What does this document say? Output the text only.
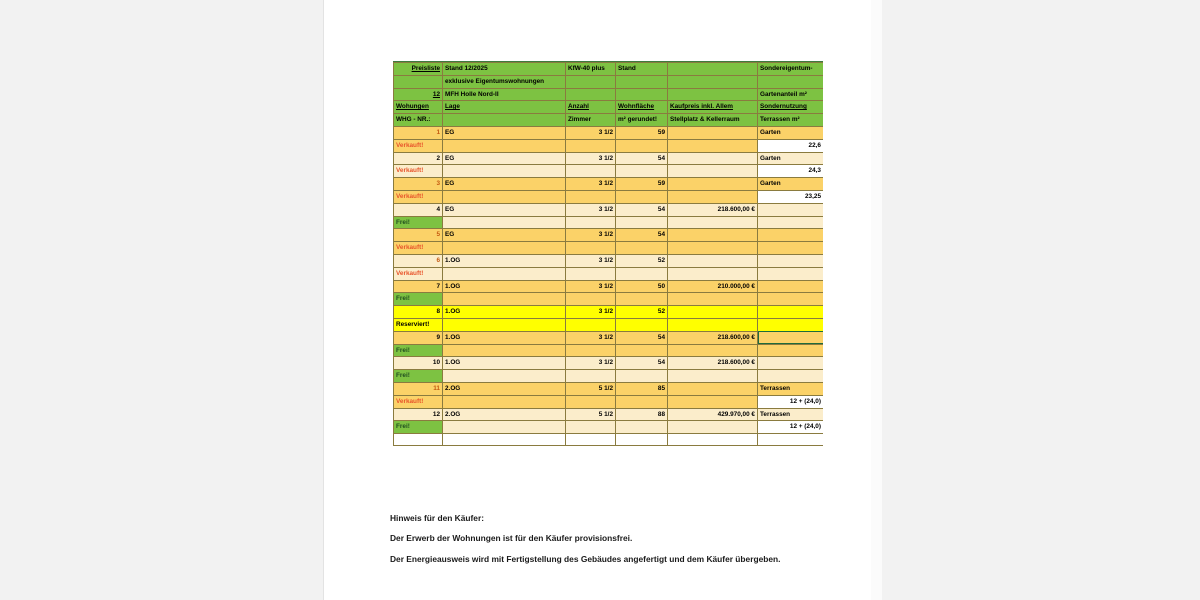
Preisliste	Stand 12/2025	KfW-40 plus	Stand		Sondereigentum-	
	exklusive Eigentumswohnungen					
12	MFH Holle Nord-II				Gartenanteil m²	
Wohungen	Lage	Anzahl	Wohnfläche	Kaufpreis inkl. Allem	Sondernutzung	
WHG - NR.:		Zimmer	m² gerundet!	Stellplatz & Kellerraum	Terrassen m²	
1	EG	3 1/2	59		Garten	
Verkauft!					22,6	
2	EG	3 1/2	54		Garten	
Verkauft!					24,3	
3	EG	3 1/2	59		Garten	
Verkauft!					23,25	
4	EG	3 1/2	54	218.600,00 €		
Frei!						
5	EG	3 1/2	54			
Verkauft!						
6	1.OG	3 1/2	52			
Verkauft!						
7	1.OG	3 1/2	50	210.000,00 €		
Frei!						
8	1.OG	3 1/2	52			
Reserviert!						
9	1.OG	3 1/2	54	218.600,00 €		
Frei!						
10	1.OG	3 1/2	54	218.600,00 €		
Frei!						
11	2.OG	5 1/2	85		Terrassen	
Verkauft!					12 + (24,0)	
12	2.OG	5 1/2	88	429.970,00 €	Terrassen	
Frei!					12 + (24,0)	

Hinweis für den Käufer:
Der Erwerb der Wohnungen ist für den Käufer provisionsfrei.
Der Energieausweis wird mit Fertigstellung des Gebäudes angefertigt und dem Käufer übergeben.
